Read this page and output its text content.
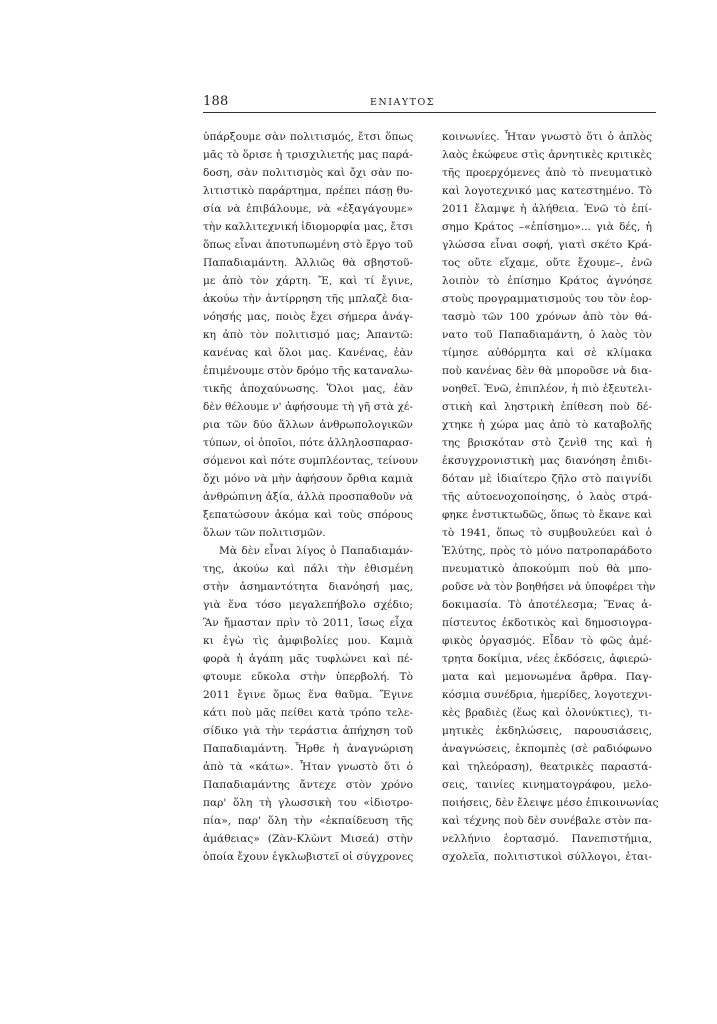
188	ΕΝΙΑΥΤΟΣ
ὑπάρξουμε σὰν πολιτισμός, ἔτσι ὅπως
μᾶς τὸ ὅρισε ἡ τρισχιλιετής μας παρά-
δοση, σὰν πολιτισμὸς καὶ ὄχι σὰν πο-
λιτιστικὸ παράρτημα, πρέπει πάσῃ θυ-
σία νὰ ἐπιβάλουμε, νὰ «ἐξαγάγουμε»
τὴν καλλιτεχνική ἰδιομορφία μας, ἔτσι
ὅπως εἶναι ἀποτυπωμένη στὸ ἔργο τοῦ
Παπαδιαμάντη. Ἀλλιῶς θὰ σβηστοῦ-
με ἀπὸ τὸν χάρτη. Ἔ, καὶ τί ἔγινε,
ἀκούω τὴν ἀντίρρηση τῆς μπλαζὲ δια-
νόησής μας, ποιὸς ἔχει σήμερα ἀνάγ-
κη ἀπὸ τὸν πολιτισμό μας; Ἀπαντῶ:
κανένας καὶ ὅλοι μας. Κανένας, ἐὰν
ἐπιμένουμε στὸν δρόμο τῆς καταναλω-
τικῆς ἀποχαύνωσης. Ὅλοι μας, ἐὰν
δὲν θέλουμε ν' ἀφήσουμε τὴ γῆ στὰ χέ-
ρια τῶν δύο ἄλλων ἀνθρωπολογικῶν
τύπων, οἱ ὁποῖοι, πότε ἀλληλοσπαρασ-
σόμενοι καὶ πότε συμπλέοντας, τείνουν
ὄχι μόνο νὰ μὴν ἀφήσουν ὄρθια καμιὰ
ἀνθρώπινη ἀξία, ἀλλὰ προσπαθοῦν νὰ
ξεπατώσουν ἀκόμα καὶ τοὺς σπόρους
ὅλων τῶν πολιτισμῶν.
Μὰ δὲν εἶναι λίγος ὁ Παπαδιαμάν-
της, ἀκούω καὶ πάλι τὴν ἐθισμένη
στὴν ἀσημαντότητα διανόησή μας,
γιὰ ἕνα τόσο μεγαλεπήβολο σχέδιο;
Ἂν ἤμασταν πρὶν τὸ 2011, ἴσως εἶχα
κι ἐγὼ τὶς ἀμφιβολίες μου. Καμιὰ
φορὰ ἡ ἀγάπη μᾶς τυφλώνει καὶ πέ-
φτουμε εὔκολα στὴν ὑπερβολή. Τὸ
2011 ἔγινε ὅμως ἕνα θαῦμα. Ἔγινε
κάτι ποὺ μᾶς πείθει κατὰ τρόπο τελε-
σίδικο γιὰ τὴν τεράστια ἀπήχηση τοῦ
Παπαδιαμάντη. Ἦρθε ἡ ἀναγνώριση
ἀπὸ τὰ «κάτω». Ἦταν γνωστὸ ὅτι ὁ
Παπαδιαμάντης ἄντεχε στὸν χρόνο
παρ' ὅλη τὴ γλωσσικὴ του «ἰδιοτρο-
πία», παρ' ὅλη τὴν «ἐκπαίδευση τῆς
ἀμάθειας» (Ζὰν-Κλὼντ Μισεά) στὴν
ὁποία ἔχουν ἐγκλωβιστεῖ οἱ σύγχρονες
κοινωνίες. Ἦταν γνωστὸ ὅτι ὁ ἁπλὸς
λαὸς ἐκώφευε στὶς ἀρνητικὲς κριτικὲς
τῆς προερχόμενες ἀπὸ τὸ πνευματικὸ
καὶ λογοτεχνικό μας κατεστημένο. Τὸ
2011 ἔλαμψε ἡ ἀλήθεια. Ἐνῶ τὸ ἐπί-
σημο Κράτος –«ἐπίσημο»... γιὰ δές, ἡ
γλώσσα εἶναι σοφή, γιατὶ σκέτο Κρά-
τος οὔτε εἴχαμε, οὔτε ἔχουμε–, ἐνῶ
λοιπὸν τὸ ἐπίσημο Κράτος ἀγνόησε
στοὺς προγραμματισμούς του τὸν ἑορ-
τασμὸ τῶν 100 χρόνων ἀπὸ τὸν θά-
νατο τοῦ Παπαδιαμάντη, ὁ λαὸς τὸν
τίμησε αὐθόρμητα καὶ σὲ κλίμακα
ποὺ κανένας δὲν θὰ μποροῦσε νὰ δια-
νοηθεῖ. Ἐνῶ, ἐπιπλέον, ἡ πιὸ ἐξευτελι-
στικὴ καὶ ληστρικὴ ἐπίθεση ποὺ δέ-
χτηκε ἡ χώρα μας ἀπὸ τὸ καταβολῆς
της βρισκόταν στὸ ζενὶθ της καὶ ἡ
ἐκσυγχρονιστικὴ μας διανόηση ἐπιδι-
δόταν μὲ ἰδιαίτερο ζῆλο στὸ παιγνίδι
τῆς αὐτοενοχοποίησης, ὁ λαὸς στρά-
φηκε ἐνστικτωδῶς, ὅπως τὸ ἔκανε καὶ
τὸ 1941, ὅπως τὸ συμβουλεύει καὶ ὁ
Ἐλύτης, πρὸς τὸ μόνο πατροπαράδοτο
πνευματικὸ ἀποκούμπι ποὺ θὰ μπο-
ροῦσε νὰ τὸν βοηθήσει νὰ ὑποφέρει τὴν
δοκιμασία. Τὸ ἀποτέλεσμα; Ἕνας ἀ-
πίστευτος ἐκδοτικὸς καὶ δημοσιογρα-
φικὸς ὀργασμός. Εἶδαν τὸ φῶς ἀμέ-
τρητα δοκίμια, νέες ἐκδόσεις, ἀφιερώ-
ματα καὶ μεμονωμένα ἄρθρα. Παγ-
κόσμια συνέδρια, ἡμερίδες, λογοτεχνι-
κὲς βραδιὲς (ἕως καὶ ὁλονύκτιες), τι-
μητικὲς ἐκδηλώσεις, παρουσιάσεις,
ἀναγνώσεις, ἐκπομπὲς (σὲ ραδιόφωνο
καὶ τηλεόραση), θεατρικὲς παραστά-
σεις, ταινίες κινηματογράφου, μελο-
ποιήσεις, δὲν ἔλειψε μέσο ἐπικοινωνίας
καὶ τέχνης ποὺ δὲν συνέβαλε στὸν πα-
νελλήνιο ἑορτασμό. Πανεπιστήμια,
σχολεῖα, πολιτιστικοὶ σύλλογοι, ἑται-
